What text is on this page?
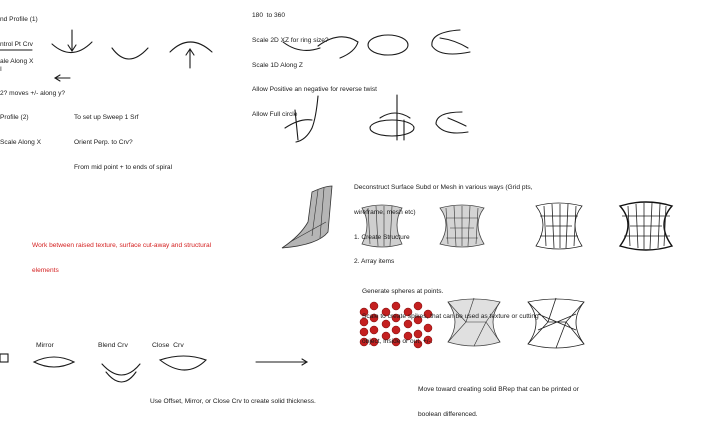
nd Profile (1)

ntrol Pt Crv

I

2? moves +/- along y?

ale Along X

Profile (2)

Scale Along X

To set up Sweep 1 Srf

Orient Perp. to Crv?

From mid point + to ends of spiral

180  to 360

Scale 2D XZ for ring size?

Scale 1D Along Z

Allow Positive an negative for reverse twist

Allow Full circle

Work between raised texture, surface cut-away and structural

elements

Deconstruct Surface Subd or Mesh in various ways (Grid pts,

wireframe, mesh etc)

1. Create Structure

2. Array items

Generate spheres at points.

Scale to create spikes, that can be used as texture or cutting

object, inside or out, +/-.

Move toward creating solid BRep that can be printed or

boolean differenced.

Mirror	Blend Crv	Close  Crv
Use Offset, Mirror, or Close Crv to create solid thickness.
